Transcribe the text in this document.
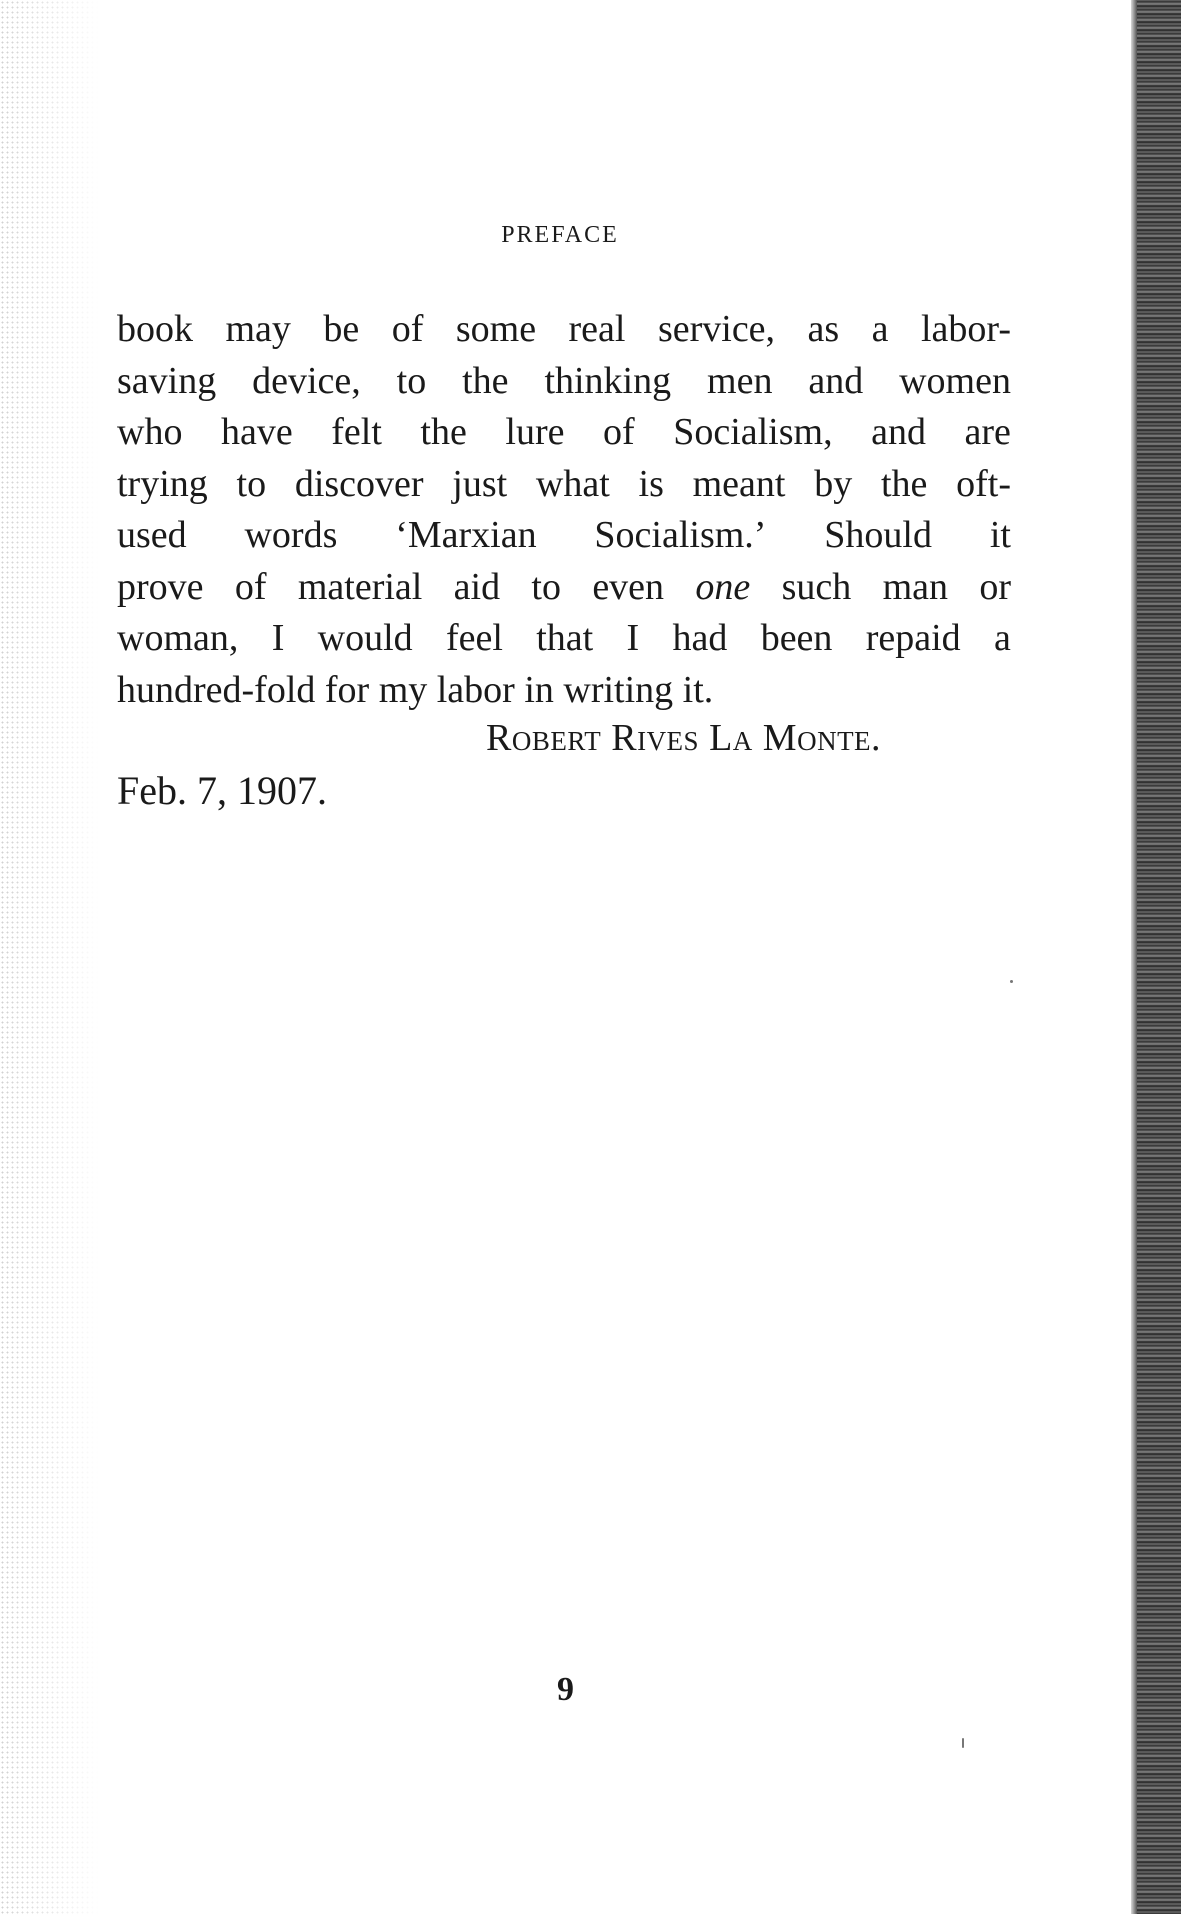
PREFACE
book may be of some real service, as a labor-
saving device, to the thinking men and women
who have felt the lure of Socialism, and are
trying to discover just what is meant by the oft-
used words ‘Marxian Socialism.’ Should it
prove of material aid to even one such man or
woman, I would feel that I had been repaid a
hundred-fold for my labor in writing it.
Robert Rives La Monte.
Feb. 7, 1907.
9
